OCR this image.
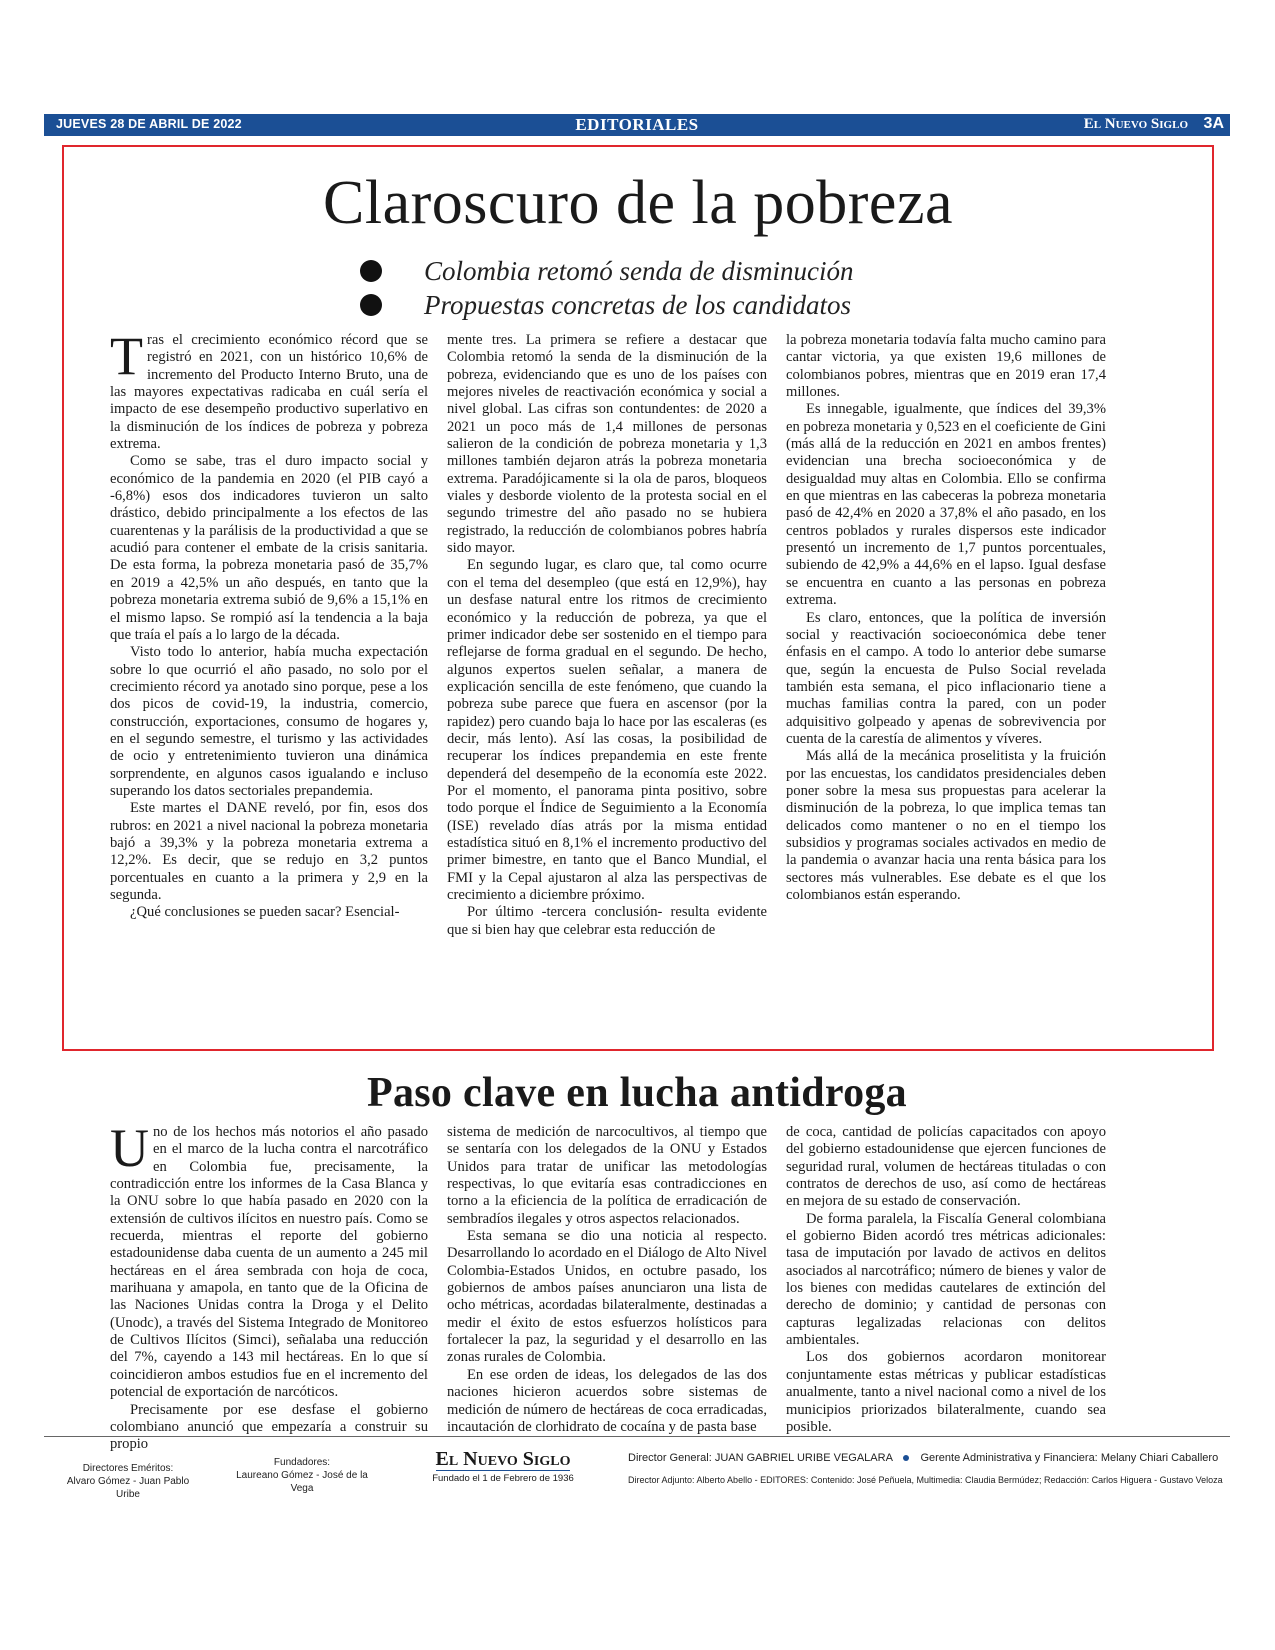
JUEVES 28 DE ABRIL DE 2022	EDITORIALES	El Nuevo Siglo 3A
Claroscuro de la pobreza
Colombia retomó senda de disminución
Propuestas concretas de los candidatos

Tras el crecimiento económico récord que se registró en 2021, con un histórico 10,6% de incremento del Producto Interno Bruto, una de las mayores expectativas radicaba en cuál sería el impacto de ese desempeño productivo superlativo en la disminución de los índices de pobreza y pobreza extrema.

Como se sabe, tras el duro impacto social y económico de la pandemia en 2020 (el PIB cayó a -6,8%) esos dos indicadores tuvieron un salto drástico, debido principalmente a los efectos de las cuarentenas y la parálisis de la productividad a que se acudió para contener el embate de la crisis sanitaria. De esta forma, la pobreza monetaria pasó de 35,7% en 2019 a 42,5% un año después, en tanto que la pobreza monetaria extrema subió de 9,6% a 15,1% en el mismo lapso. Se rompió así la tendencia a la baja que traía el país a lo largo de la década.

Visto todo lo anterior, había mucha expectación sobre lo que ocurrió el año pasado, no solo por el crecimiento récord ya anotado sino porque, pese a los dos picos de covid-19, la industria, comercio, construcción, exportaciones, consumo de hogares y, en el segundo semestre, el turismo y las actividades de ocio y entretenimiento tuvieron una dinámica sorprendente, en algunos casos igualando e incluso superando los datos sectoriales prepandemia.

Este martes el DANE reveló, por fin, esos dos rubros: en 2021 a nivel nacional la pobreza monetaria bajó a 39,3% y la pobreza monetaria extrema a 12,2%. Es decir, que se redujo en 3,2 puntos porcentuales en cuanto a la primera y 2,9 en la segunda.

¿Qué conclusiones se pueden sacar? Esencial-

mente tres. La primera se refiere a destacar que Colombia retomó la senda de la disminución de la pobreza, evidenciando que es uno de los países con mejores niveles de reactivación económica y social a nivel global. Las cifras son contundentes: de 2020 a 2021 un poco más de 1,4 millones de personas salieron de la condición de pobreza monetaria y 1,3 millones también dejaron atrás la pobreza monetaria extrema. Paradójicamente si la ola de paros, bloqueos viales y desborde violento de la protesta social en el segundo trimestre del año pasado no se hubiera registrado, la reducción de colombianos pobres habría sido mayor.

En segundo lugar, es claro que, tal como ocurre con el tema del desempleo (que está en 12,9%), hay un desfase natural entre los ritmos de crecimiento económico y la reducción de pobreza, ya que el primer indicador debe ser sostenido en el tiempo para reflejarse de forma gradual en el segundo. De hecho, algunos expertos suelen señalar, a manera de explicación sencilla de este fenómeno, que cuando la pobreza sube parece que fuera en ascensor (por la rapidez) pero cuando baja lo hace por las escaleras (es decir, más lento). Así las cosas, la posibilidad de recuperar los índices prepandemia en este frente dependerá del desempeño de la economía este 2022. Por el momento, el panorama pinta positivo, sobre todo porque el Índice de Seguimiento a la Economía (ISE) revelado días atrás por la misma entidad estadística situó en 8,1% el incremento productivo del primer bimestre, en tanto que el Banco Mundial, el FMI y la Cepal ajustaron al alza las perspectivas de crecimiento a diciembre próximo.

Por último -tercera conclusión- resulta evidente que si bien hay que celebrar esta reducción de

la pobreza monetaria todavía falta mucho camino para cantar victoria, ya que existen 19,6 millones de colombianos pobres, mientras que en 2019 eran 17,4 millones.

Es innegable, igualmente, que índices del 39,3% en pobreza monetaria y 0,523 en el coeficiente de Gini (más allá de la reducción en 2021 en ambos frentes) evidencian una brecha socioeconómica y de desigualdad muy altas en Colombia. Ello se confirma en que mientras en las cabeceras la pobreza monetaria pasó de 42,4% en 2020 a 37,8% el año pasado, en los centros poblados y rurales dispersos este indicador presentó un incremento de 1,7 puntos porcentuales, subiendo de 42,9% a 44,6% en el lapso. Igual desfase se encuentra en cuanto a las personas en pobreza extrema.

Es claro, entonces, que la política de inversión social y reactivación socioeconómica debe tener énfasis en el campo. A todo lo anterior debe sumarse que, según la encuesta de Pulso Social revelada también esta semana, el pico inflacionario tiene a muchas familias contra la pared, con un poder adquisitivo golpeado y apenas de sobrevivencia por cuenta de la carestía de alimentos y víveres.

Más allá de la mecánica proselitista y la fruición por las encuestas, los candidatos presidenciales deben poner sobre la mesa sus propuestas para acelerar la disminución de la pobreza, lo que implica temas tan delicados como mantener o no en el tiempo los subsidios y programas sociales activados en medio de la pandemia o avanzar hacia una renta básica para los sectores más vulnerables. Ese debate es el que los colombianos están esperando.

Paso clave en lucha antidroga

Uno de los hechos más notorios el año pasado en el marco de la lucha contra el narcotráfico en Colombia fue, precisamente, la contradicción entre los informes de la Casa Blanca y la ONU sobre lo que había pasado en 2020 con la extensión de cultivos ilícitos en nuestro país. Como se recuerda, mientras el reporte del gobierno estadounidense daba cuenta de un aumento a 245 mil hectáreas en el área sembrada con hoja de coca, marihuana y amapola, en tanto que de la Oficina de las Naciones Unidas contra la Droga y el Delito (Unodc), a través del Sistema Integrado de Monitoreo de Cultivos Ilícitos (Simci), señalaba una reducción del 7%, cayendo a 143 mil hectáreas. En lo que sí coincidieron ambos estudios fue en el incremento del potencial de exportación de narcóticos.

Precisamente por ese desfase el gobierno colombiano anunció que empezaría a construir su propio

sistema de medición de narcocultivos, al tiempo que se sentaría con los delegados de la ONU y Estados Unidos para tratar de unificar las metodologías respectivas, lo que evitaría esas contradicciones en torno a la eficiencia de la política de erradicación de sembradíos ilegales y otros aspectos relacionados.

Esta semana se dio una noticia al respecto. Desarrollando lo acordado en el Diálogo de Alto Nivel Colombia-Estados Unidos, en octubre pasado, los gobiernos de ambos países anunciaron una lista de ocho métricas, acordadas bilateralmente, destinadas a medir el éxito de estos esfuerzos holísticos para fortalecer la paz, la seguridad y el desarrollo en las zonas rurales de Colombia.

En ese orden de ideas, los delegados de las dos naciones hicieron acuerdos sobre sistemas de medición de número de hectáreas de coca erradicadas, incautación de clorhidrato de cocaína y de pasta base

de coca, cantidad de policías capacitados con apoyo del gobierno estadounidense que ejercen funciones de seguridad rural, volumen de hectáreas tituladas o con contratos de derechos de uso, así como de hectáreas en mejora de su estado de conservación.

De forma paralela, la Fiscalía General colombiana el gobierno Biden acordó tres métricas adicionales: tasa de imputación por lavado de activos en delitos asociados al narcotráfico; número de bienes y valor de los bienes con medidas cautelares de extinción del derecho de dominio; y cantidad de personas con capturas legalizadas relacionas con delitos ambientales.

Los dos gobiernos acordaron monitorear conjuntamente estas métricas y publicar estadísticas anualmente, tanto a nivel nacional como a nivel de los municipios priorizados bilateralmente, cuando sea posible.

Directores Eméritos:
Alvaro Gómez - Juan Pablo Uribe
Fundadores:
Laureano Gómez - José de la Vega
El Nuevo Siglo
Fundado el 1 de Febrero de 1936
Director General: JUAN GABRIEL URIBE VEGALARA	Gerente Administrativa y Financiera: Melany Chiari Caballero
Director Adjunto: Alberto Abello - EDITORES: Contenido: José Peñuela, Multimedia: Claudia Bermúdez; Redacción: Carlos Higuera - Gustavo Veloza
